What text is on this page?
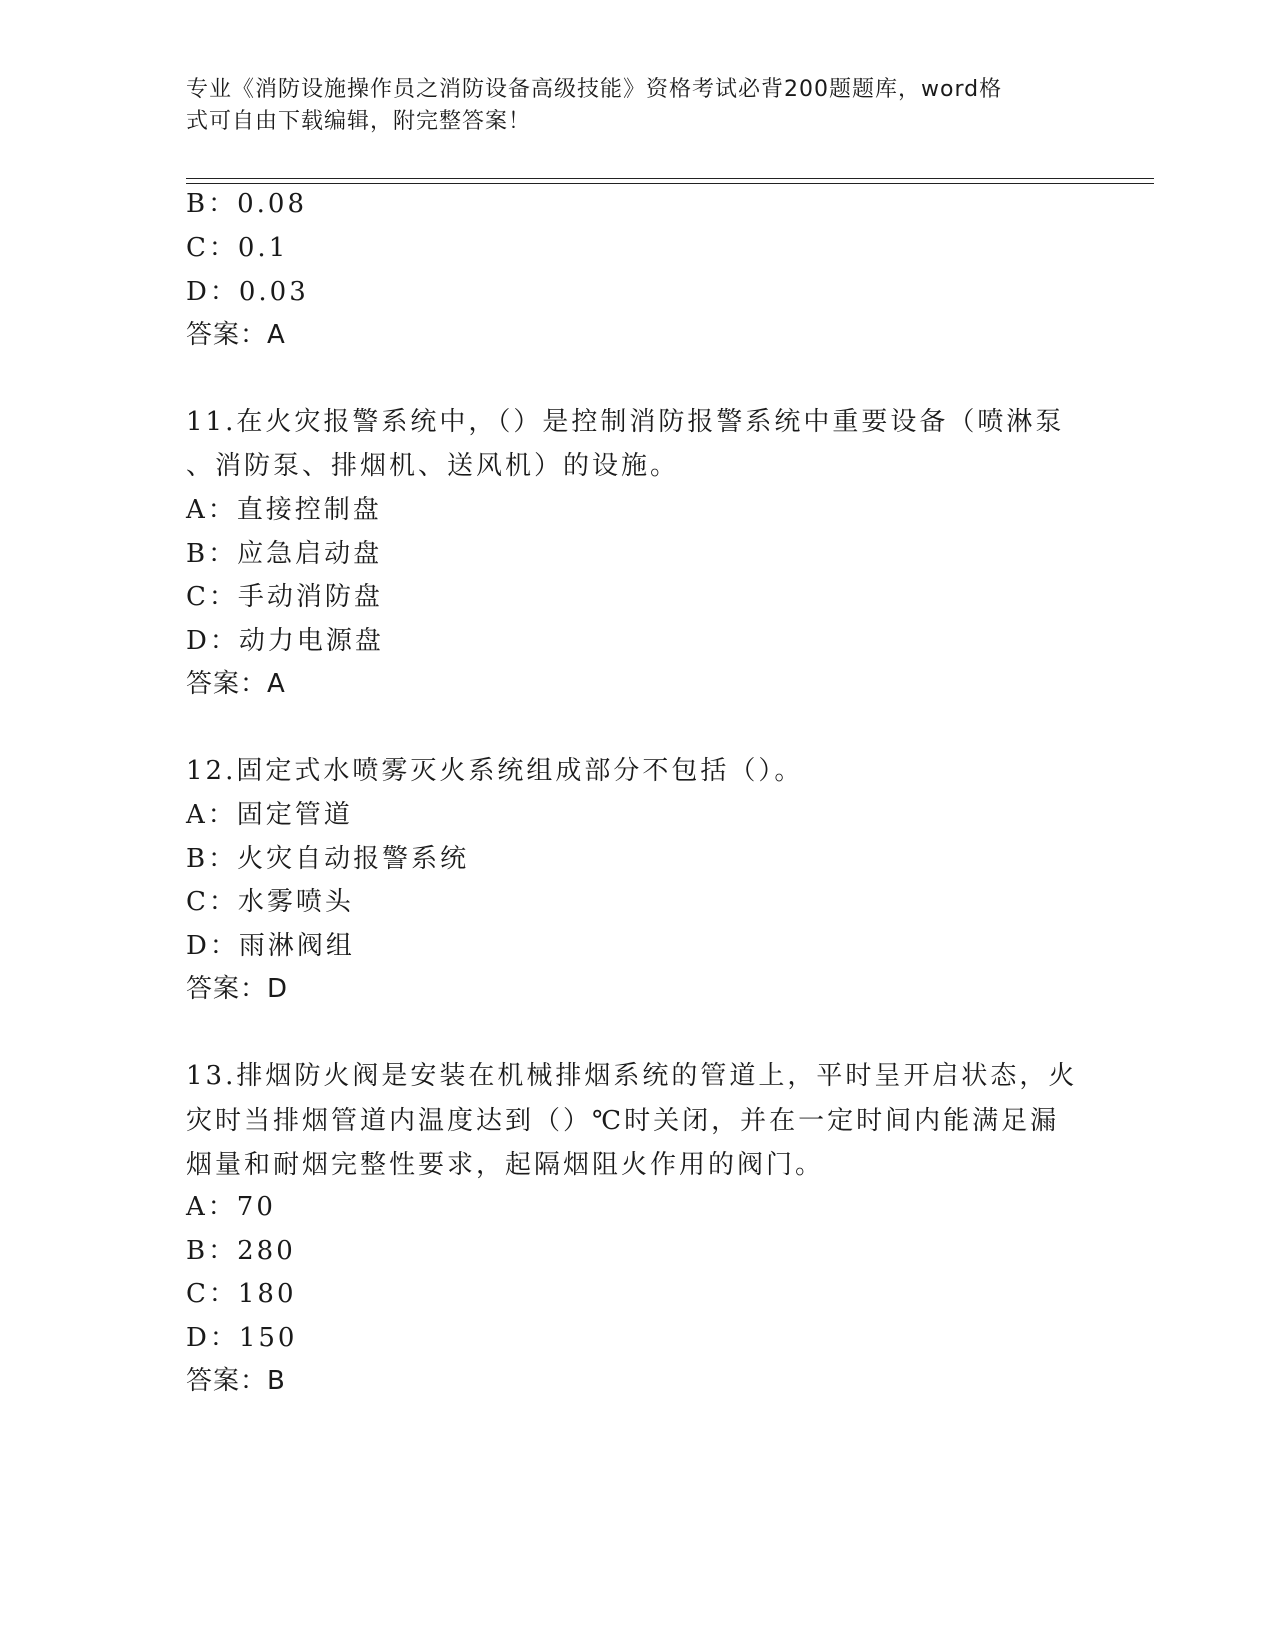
专业《消防设施操作员之消防设备高级技能》资格考试必背200题题库，word格
式可自由下载编辑，附完整答案！
B：0.08
C：0.1
D：0.03
答案：A
11.在火灾报警系统中，（）是控制消防报警系统中重要设备（喷淋泵
、消防泵、排烟机、送风机）的设施。
A：直接控制盘
B：应急启动盘
C：手动消防盘
D：动力电源盘
答案：A
12.固定式水喷雾灭火系统组成部分不包括（）。
A：固定管道
B：火灾自动报警系统
C：水雾喷头
D：雨淋阀组
答案：D
13.排烟防火阀是安装在机械排烟系统的管道上，平时呈开启状态，火
灾时当排烟管道内温度达到（）℃时关闭，并在一定时间内能满足漏
烟量和耐烟完整性要求，起隔烟阻火作用的阀门。
A：70
B：280
C：180
D：150
答案：B
